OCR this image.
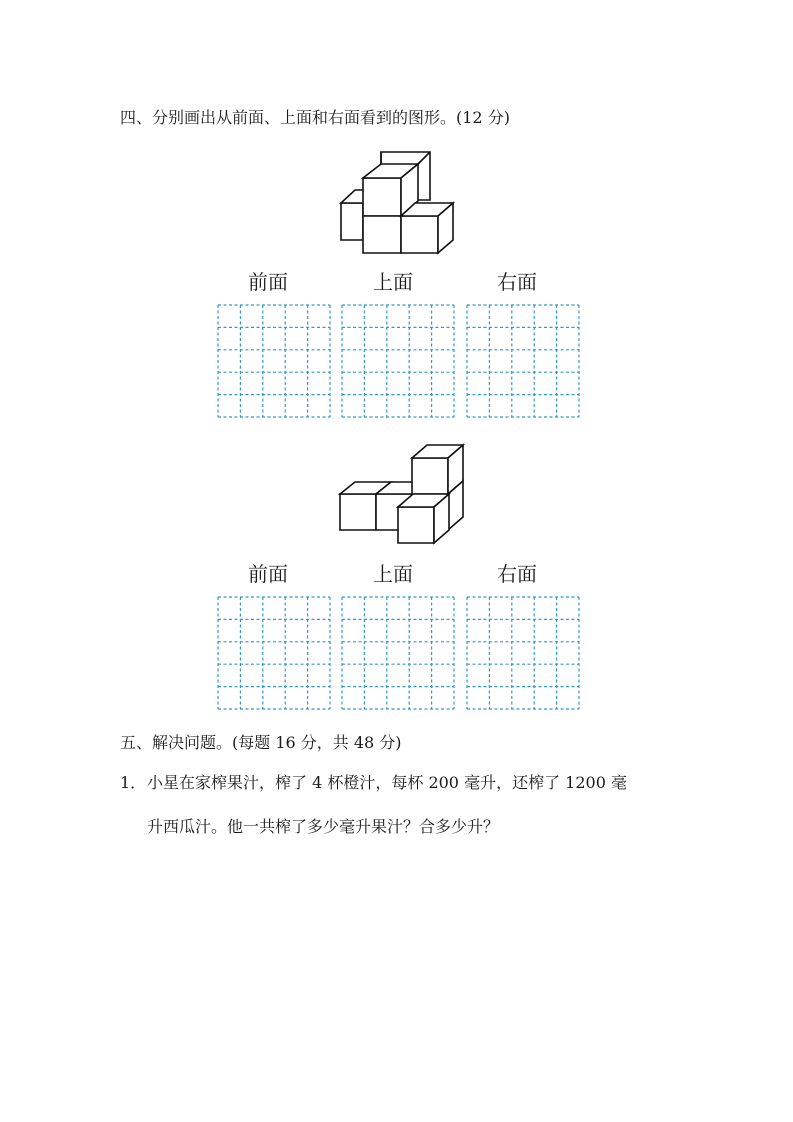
四、分别画出从前面、上面和右面看到的图形。(12 分)
前面	上面	右面
前面	上面	右面
五、解决问题。(每题 16 分，共 48 分)
1． 小星在家榨果汁，榨了 4 杯橙汁，每杯 200 毫升，还榨了 1200 毫
升西瓜汁。他一共榨了多少毫升果汁？合多少升？
